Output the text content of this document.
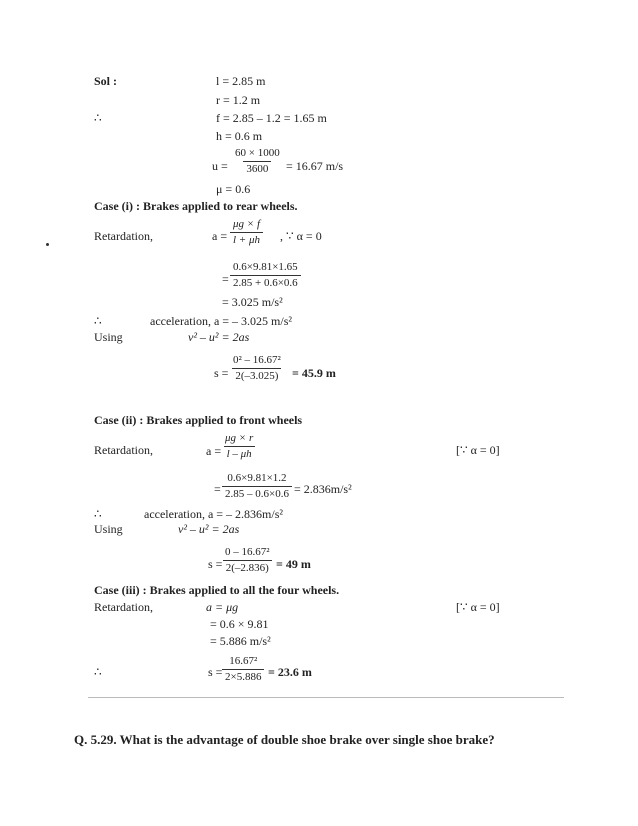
Sol :	l = 2.85 m
r = 1.2 m
∴	f = 2.85 – 1.2 = 1.65 m
h = 0.6 m
$u = \frac{60 \times 1000}{3600} = 16.67$ m/s
μ = 0.6
Case (i) : Brakes applied to rear wheels.
Retardation,	$a = \frac{\mu g \times f}{l + \mu h}$ , ∵ α = 0
= $\frac{0.6\times 9.81\times 1.65}{2.85 + 0.6\times 0.6}$
= 3.025 m/s²
∴	acceleration, a = – 3.025 m/s²
Using	v² – u² = 2as
$s = \frac{\text{0² – 16.67²}}{2(-3.025)} = 45.9$ m
Case (ii) : Brakes applied to front wheels
Retardation,	$a = \frac{\mu g \times r}{l - \mu h}$	[∵ α = 0]
= $\frac{0.6\times 9.81\times 1.2}{2.85 - 0.6\times 0.6} = 2.836m/s^2$
∴	acceleration, a = – 2.836m/s²
Using	v² – u² = 2as
$s = \frac{\text{0 – 16.67²}}{2(-2.836)} = 49$ m
Case (iii) : Brakes applied to all the four wheels.
Retardation,	a = μg	[∵ α = 0]
= 0.6 × 9.81
= 5.886 m/s²
∴	$s = \frac{\text{16.67²}}{2\times 5.886} = 23.6$ m
Q. 5.29. What is the advantage of double shoe brake over single shoe brake?
